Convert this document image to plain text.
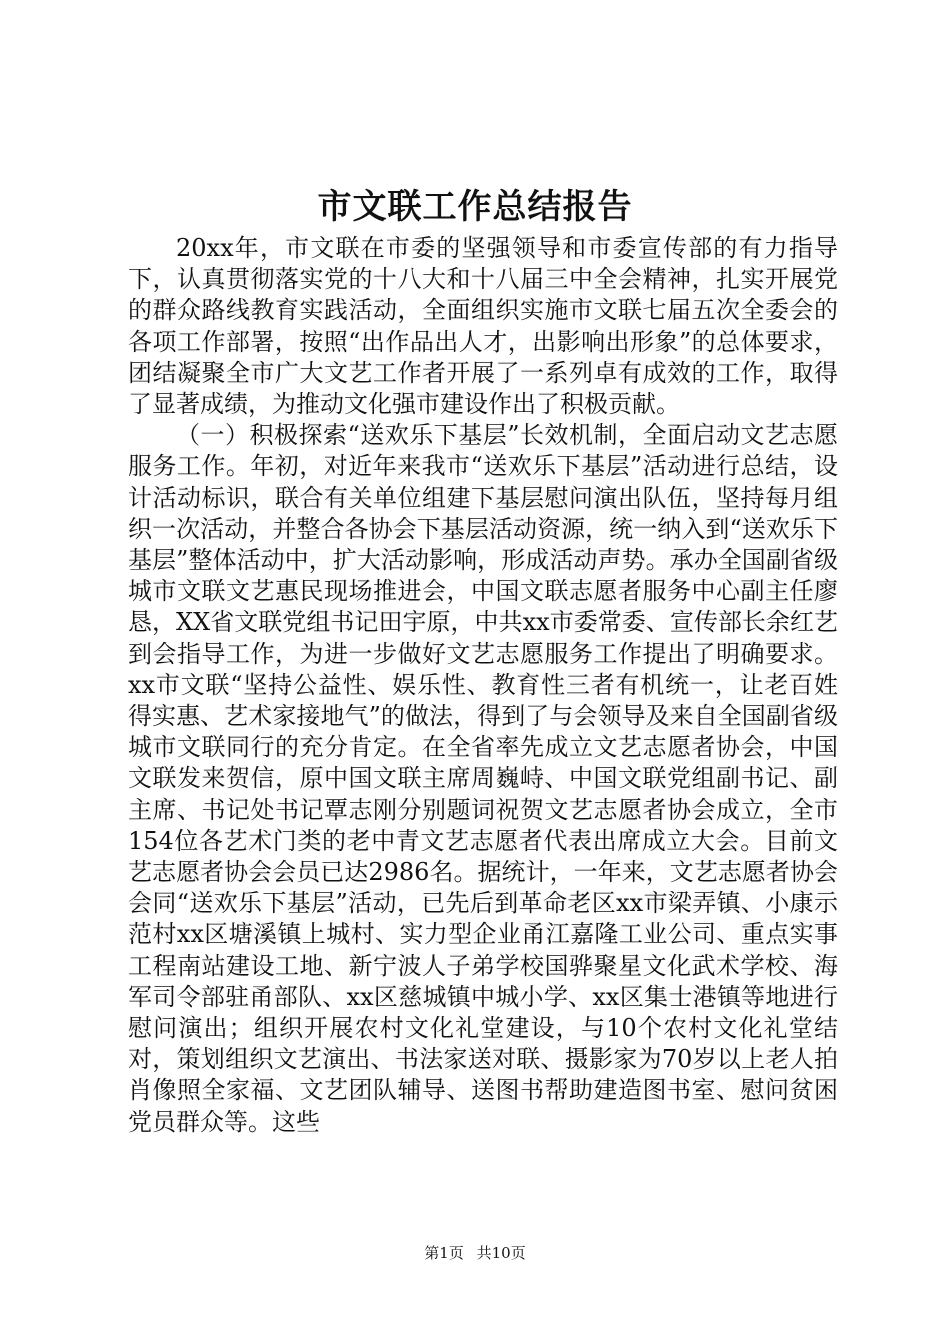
市文联工作总结报告

20xx年，市文联在市委的坚强领导和市委宣传部的有力指导下，认真贯彻落实党的十八大和十八届三中全会精神，扎实开展党的群众路线教育实践活动，全面组织实施市文联七届五次全委会的各项工作部署，按照“出作品出人才，出影响出形象”的总体要求，团结凝聚全市广大文艺工作者开展了一系列卓有成效的工作，取得了显著成绩，为推动文化强市建设作出了积极贡献。

（一）积极探索“送欢乐下基层”长效机制，全面启动文艺志愿服务工作。年初，对近年来我市“送欢乐下基层”活动进行总结，设计活动标识，联合有关单位组建下基层慰问演出队伍，坚持每月组织一次活动，并整合各协会下基层活动资源，统一纳入到“送欢乐下基层”整体活动中，扩大活动影响，形成活动声势。承办全国副省级城市文联文艺惠民现场推进会，中国文联志愿者服务中心副主任廖恳，XX省文联党组书记田宇原，中共xx市委常委、宣传部长余红艺到会指导工作，为进一步做好文艺志愿服务工作提出了明确要求。xx市文联“坚持公益性、娱乐性、教育性三者有机统一，让老百姓得实惠、艺术家接地气”的做法，得到了与会领导及来自全国副省级城市文联同行的充分肯定。在全省率先成立文艺志愿者协会，中国文联发来贺信，原中国文联主席周巍峙、中国文联党组副书记、副主席、书记处书记覃志刚分别题词祝贺文艺志愿者协会成立，全市154位各艺术门类的老中青文艺志愿者代表出席成立大会。目前文艺志愿者协会会员已达2986名。据统计，一年来，文艺志愿者协会会同“送欢乐下基层”活动，已先后到革命老区xx市梁弄镇、小康示范村xx区塘溪镇上城村、实力型企业甬江嘉隆工业公司、重点实事工程南站建设工地、新宁波人子弟学校国骅聚星文化武术学校、海军司令部驻甬部队、xx区慈城镇中城小学、xx区集士港镇等地进行慰问演出；组织开展农村文化礼堂建设，与10个农村文化礼堂结对，策划组织文艺演出、书法家送对联、摄影家为70岁以上老人拍肖像照全家福、文艺团队辅导、送图书帮助建造图书室、慰问贫困党员群众等。这些

第1页 共10页
